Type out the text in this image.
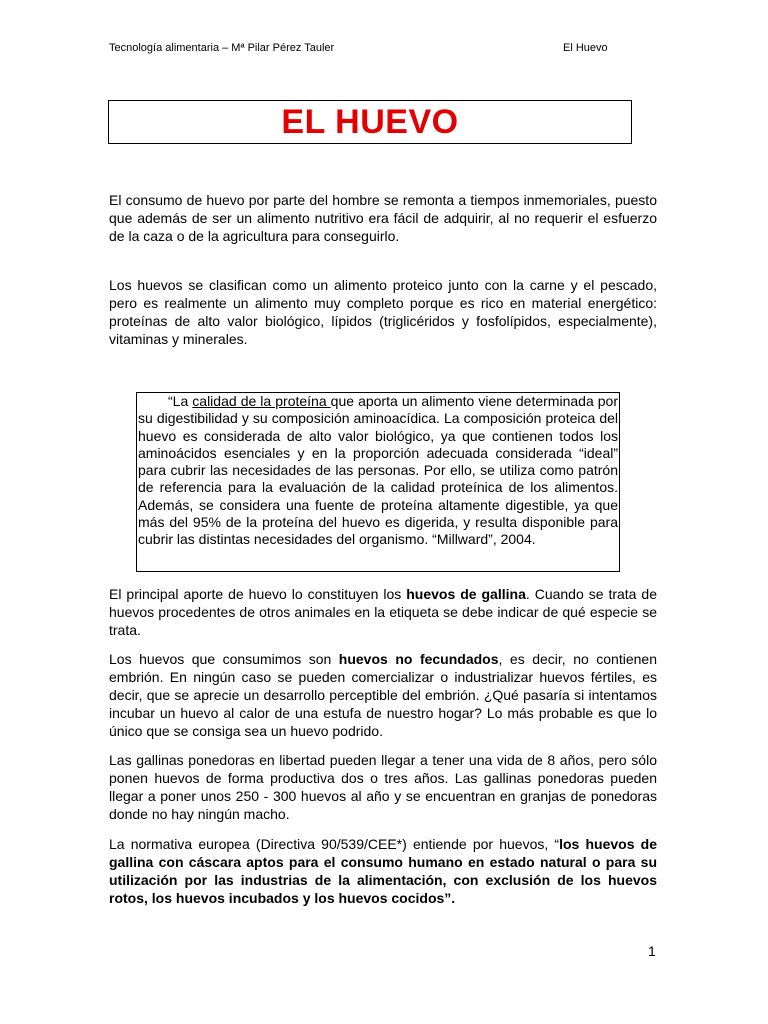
Tecnología alimentaria – Mª Pilar Pérez Tauler	El Huevo
EL HUEVO

El consumo de huevo por parte del hombre se remonta a tiempos inmemoriales, puesto que además de ser un alimento nutritivo era fácil de adquirir, al no requerir el esfuerzo de la caza o de la agricultura para conseguirlo.

Los huevos se clasifican como un alimento proteico junto con la carne y el pescado, pero es realmente un alimento muy completo porque es rico en material energético: proteínas de alto valor biológico, lípidos (triglicéridos y fosfolípidos, especialmente), vitaminas y minerales.

“La calidad de la proteína que aporta un alimento viene determinada por su digestibilidad y su composición aminoacídica. La composición proteica del huevo es considerada de alto valor biológico, ya que contienen todos los aminoácidos esenciales y en la proporción adecuada considerada “ideal” para cubrir las necesidades de las personas. Por ello, se utiliza como patrón de referencia para la evaluación de la calidad proteínica de los alimentos. Además, se considera una fuente de proteína altamente digestible, ya que más del 95% de la proteína del huevo es digerida, y resulta disponible para cubrir las distintas necesidades del organismo. “Millward”, 2004.

El principal aporte de huevo lo constituyen los huevos de gallina. Cuando se trata de huevos procedentes de otros animales en la etiqueta se debe indicar de qué especie se trata.

Los huevos que consumimos son huevos no fecundados, es decir, no contienen embrión. En ningún caso se pueden comercializar o industrializar huevos fértiles, es decir, que se aprecie un desarrollo perceptible del embrión. ¿Qué pasaría si intentamos incubar un huevo al calor de una estufa de nuestro hogar? Lo más probable es que lo único que se consiga sea un huevo podrido.

Las gallinas ponedoras en libertad pueden llegar a tener una vida de 8 años, pero sólo ponen huevos de forma productiva dos o tres años. Las gallinas ponedoras pueden llegar a poner unos 250 - 300 huevos al año y se encuentran en granjas de ponedoras donde no hay ningún macho.

La normativa europea (Directiva 90/539/CEE*) entiende por huevos, “los huevos de gallina con cáscara aptos para el consumo humano en estado natural o para su utilización por las industrias de la alimentación, con exclusión de los huevos rotos, los huevos incubados y los huevos cocidos”.

1
